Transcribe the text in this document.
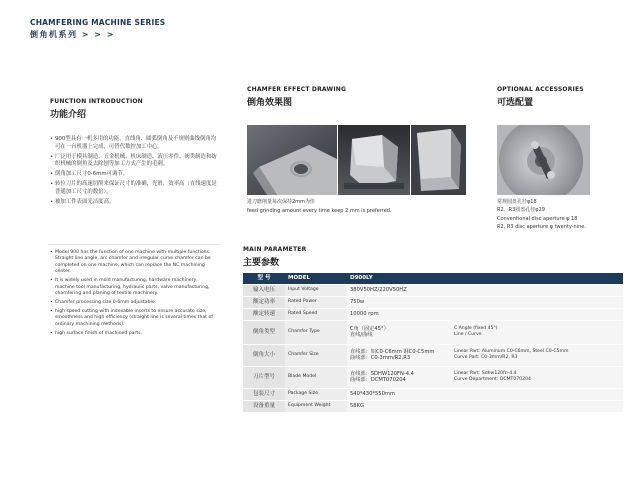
CHAMFERING MACHINE SERIES
倒角机系列 > > >
FUNCTION INTRODUCTION
功能介绍
• 900型具有一机多用的功能，直线角、圆弧倒角及不规则曲线倒角均可在一台机器上完成，可替代数控加工中心。
• 广泛用于模具制造、五金机械、机床制造、液压零件、阀类制造和纺织机械的倒角及去除刨等加工方式产生的毛刺。
• 倒角加工尺寸0-6mm可调节。
• 转位刀片的高速切削来保证尺寸的准确，光滑，效率高（直线速度是普通加工尺寸的数倍）。
• 被加工件表面光洁度高。
• Model 900 has the function of one machine with multiple functions. Straight line angle, arc chamfer and irregular curve chamfer can be completed on one machine, which can replace the NC machining center.
• It is widely used in mold manufacturing, hardware machinery, machine tool manufacturing, hydraulic parts, valve manufacturing, chamfering and planing of textile machinery.
• Chamfer processing size 0-6mm adjustable.
• high speed cutting with indexable inserts to ensure accurate size, smoothness and high efficiency (straight line is several times that of ordinary machining methods).
• high surface finish of machined parts.
CHAMFER EFFECT DRAWING
倒角效果图
进刀磨削量每次保持2mm为佳
feed grinding amount every time keep 2 mm is preferred.
OPTIONAL ACCESSORIES
可选配置
常规圆盘孔径φ18
R2、R3圆盘孔径φ29
Conventional disc aperture φ 18
R2, R3 disc aperture φ twenty-nine.
MAIN PARAMETER
主要参数
型 号	MODEL	D900LY	
输入电压	Input Voltage	380V50HZ/220V50HZ	
额定功率	Rated Power	750w	
额定转速	Rated Speed	10000 rpm	
倒角类型	Chamfer Type	C角（固定45°）
直线/曲线	C Angle (fixed 45°)
Line / Curve

倒角大小	Chamfer Size	直线部：铝C0-C6mm 钢C0-C5mm
曲线部：C0-3mm/R2,R3	Linear Part: Aluminum C0-C6mm, Steel C0-C5mm
Curve Part: C0-3mm/R2, R3

刀片型号	Blade Model	直线部：SDHW120FN-4.4
曲线部：DCMT070204	Linear Part: Sdhw120fn-4.4
Curve Department: DCMT070204

包装尺寸	Package Size	540*430*550mm	
设备重量	Equipment Weight	58KG	
